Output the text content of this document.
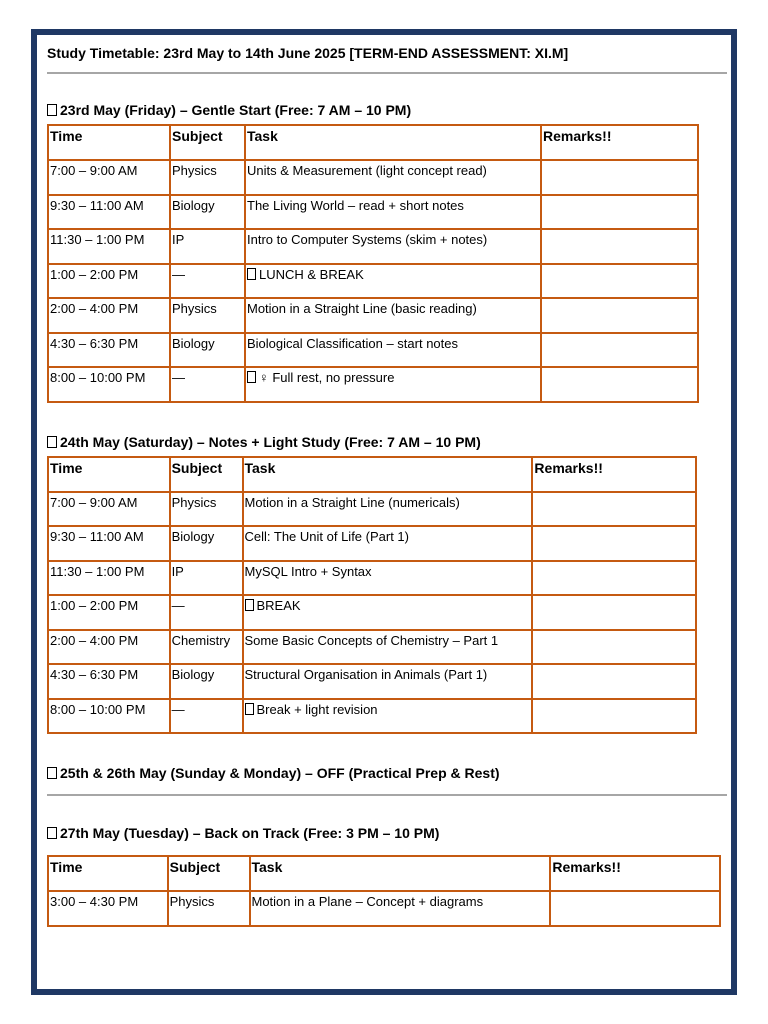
Study Timetable: 23rd May to 14th June 2025 [TERM-END ASSESSMENT: XI.M]
23rd May (Friday) – Gentle Start (Free: 7 AM – 10 PM)
Time	Subject	Task	Remarks!!
7:00 – 9:00 AM	Physics	Units & Measurement (light concept read)	
9:30 – 11:00 AM	Biology	The Living World – read + short notes	
11:30 – 1:00 PM	IP	Intro to Computer Systems (skim + notes)	
1:00 – 2:00 PM	—	LUNCH & BREAK	
2:00 – 4:00 PM	Physics	Motion in a Straight Line (basic reading)	
4:30 – 6:30 PM	Biology	Biological Classification – start notes	
8:00 – 10:00 PM	—	♀ Full rest, no pressure	
24th May (Saturday) – Notes + Light Study (Free: 7 AM – 10 PM)
Time	Subject	Task	Remarks!!
7:00 – 9:00 AM	Physics	Motion in a Straight Line (numericals)	
9:30 – 11:00 AM	Biology	Cell: The Unit of Life (Part 1)	
11:30 – 1:00 PM	IP	MySQL Intro + Syntax	
1:00 – 2:00 PM	—	BREAK	
2:00 – 4:00 PM	Chemistry	Some Basic Concepts of Chemistry – Part 1	
4:30 – 6:30 PM	Biology	Structural Organisation in Animals (Part 1)	
8:00 – 10:00 PM	—	Break + light revision	
25th & 26th May (Sunday & Monday) – OFF (Practical Prep & Rest)
27th May (Tuesday) – Back on Track (Free: 3 PM – 10 PM)
Time	Subject	Task	Remarks!!
3:00 – 4:30 PM	Physics	Motion in a Plane – Concept + diagrams	
